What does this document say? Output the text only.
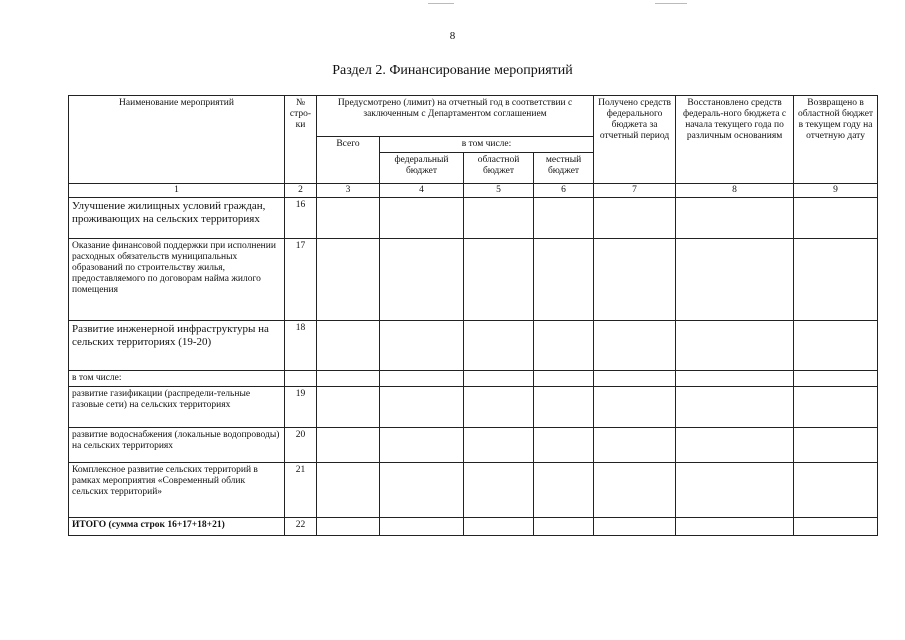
8
Раздел 2. Финансирование мероприятий
Наименование мероприятий	№ стро-ки	Предусмотрено (лимит) на отчетный год в соответствии с заключенным с Департаментом соглашением				Получено средств федерального бюджета за отчетный период	Восстановлено средств федераль-ного бюджета с начала текущего года по различным основаниям	Возвращено в областной бюджет в текущем году на отчетную дату
		Всего	в том числе:					
			федеральный бюджет	областной бюджет	местный бюджет			
1	2	3	4	5	6	7	8	9
Улучшение жилищных условий граждан, проживающих на сельских территориях	16							
Оказание финансовой поддержки при исполнении расходных обязательств муниципальных образований по строительству жилья, предоставляемого по договорам найма жилого помещения	17							
Развитие инженерной инфраструктуры на сельских территориях (19-20)	18							
в том числе:								
развитие газификации (распредели-тельные газовые сети) на сельских территориях	19							
развитие водоснабжения (локальные водопроводы) на сельских территориях	20							
Комплексное развитие сельских территорий в рамках мероприятия «Современный облик сельских территорий»	21							
ИТОГО (сумма строк 16+17+18+21)	22							
